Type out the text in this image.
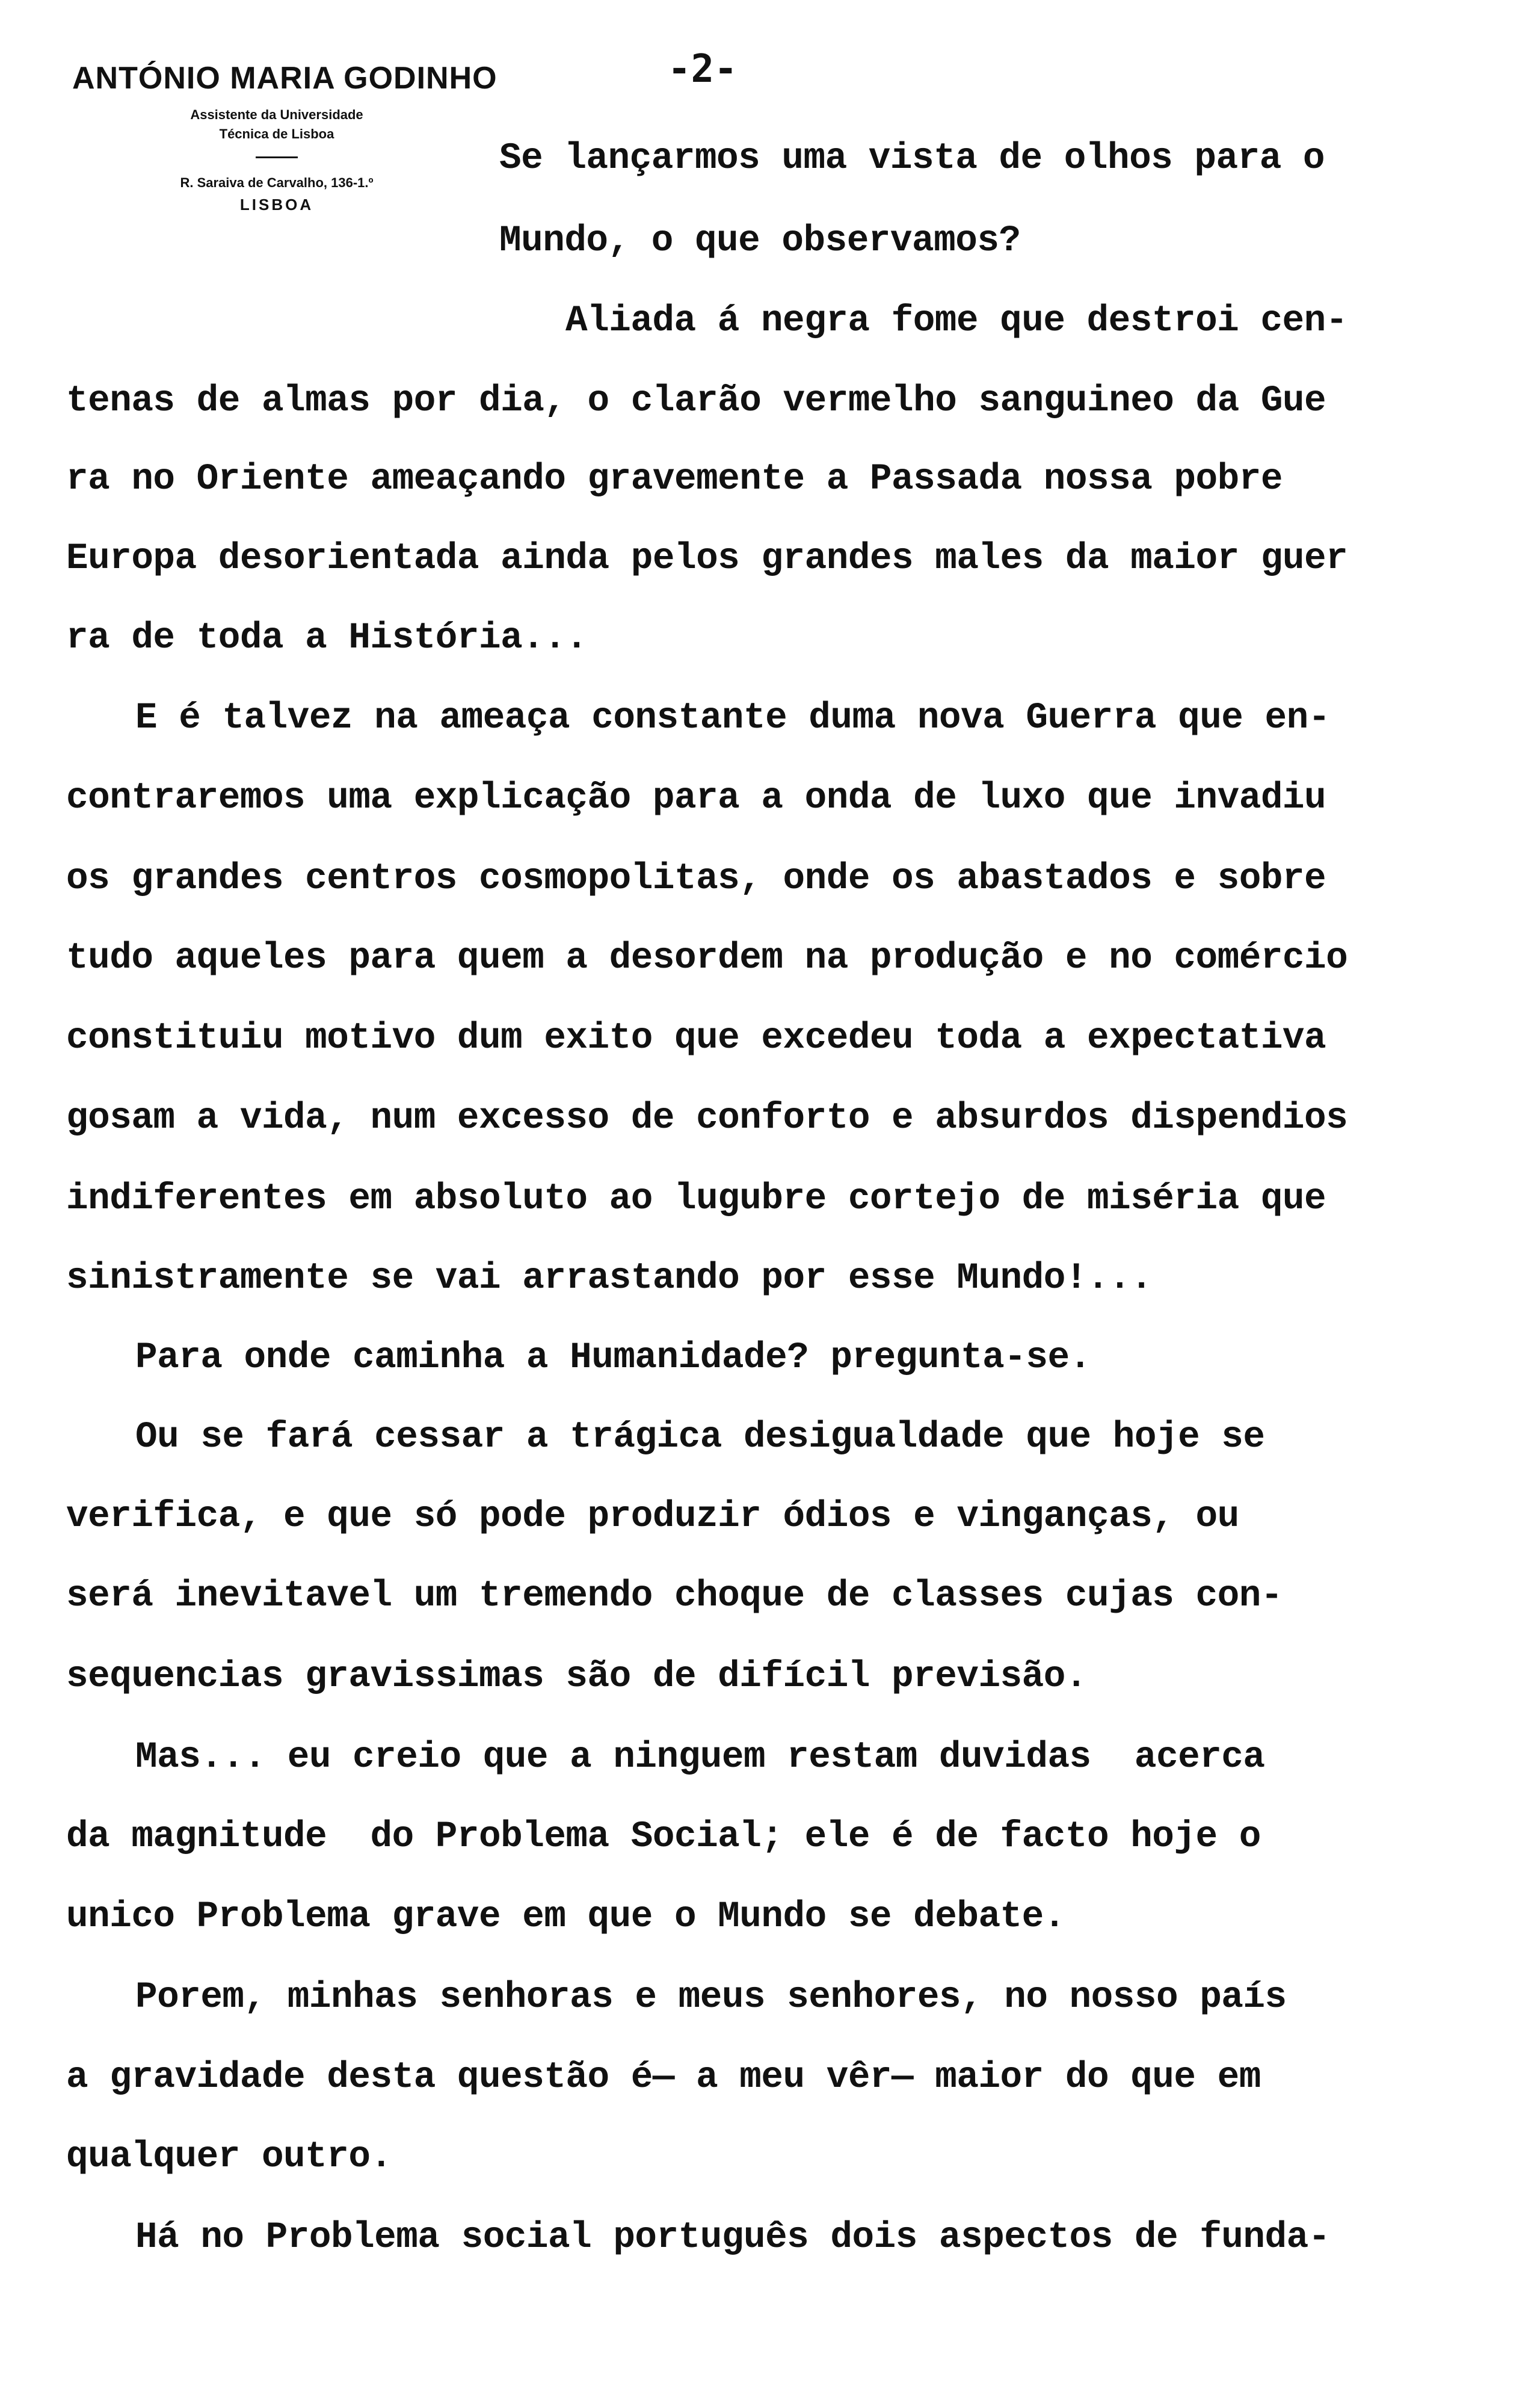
ANTÓNIO MARIA GODINHO
Assistente da Universidade
Técnica de Lisboa
R. Saraiva de Carvalho, 136-1.º
LISBOA
-2-
Se lançarmos uma vista de olhos para o
Mundo, o que observamos?
Aliada á negra fome que destroi cen-
tenas de almas por dia, o clarão vermelho sanguineo da Gue
ra no Oriente ameaçando gravemente a Passada nossa pobre
Europa desorientada ainda pelos grandes males da maior guer
ra de toda a História...
E é talvez na ameaça constante duma nova Guerra que en-
contraremos uma explicação para a onda de luxo que invadiu
os grandes centros cosmopolitas, onde os abastados e sobre
tudo aqueles para quem a desordem na produção e no comércio
constituiu motivo dum exito que excedeu toda a expectativa
gosam a vida, num excesso de conforto e absurdos dispendios
indiferentes em absoluto ao lugubre cortejo de miséria que
sinistramente se vai arrastando por esse Mundo!...
Para onde caminha a Humanidade? pregunta-se.
Ou se fará cessar a trágica desigualdade que hoje se
verifica, e que só pode produzir ódios e vinganças, ou
será inevitavel um tremendo choque de classes cujas con-
sequencias gravissimas são de difícil previsão.
Mas... eu creio que a ninguem restam duvidas  acerca
da magnitude  do Problema Social; ele é de facto hoje o
unico Problema grave em que o Mundo se debate.
Porem, minhas senhoras e meus senhores, no nosso país
a gravidade desta questão é— a meu vêr— maior do que em
qualquer outro.
Há no Problema social português dois aspectos de funda-
